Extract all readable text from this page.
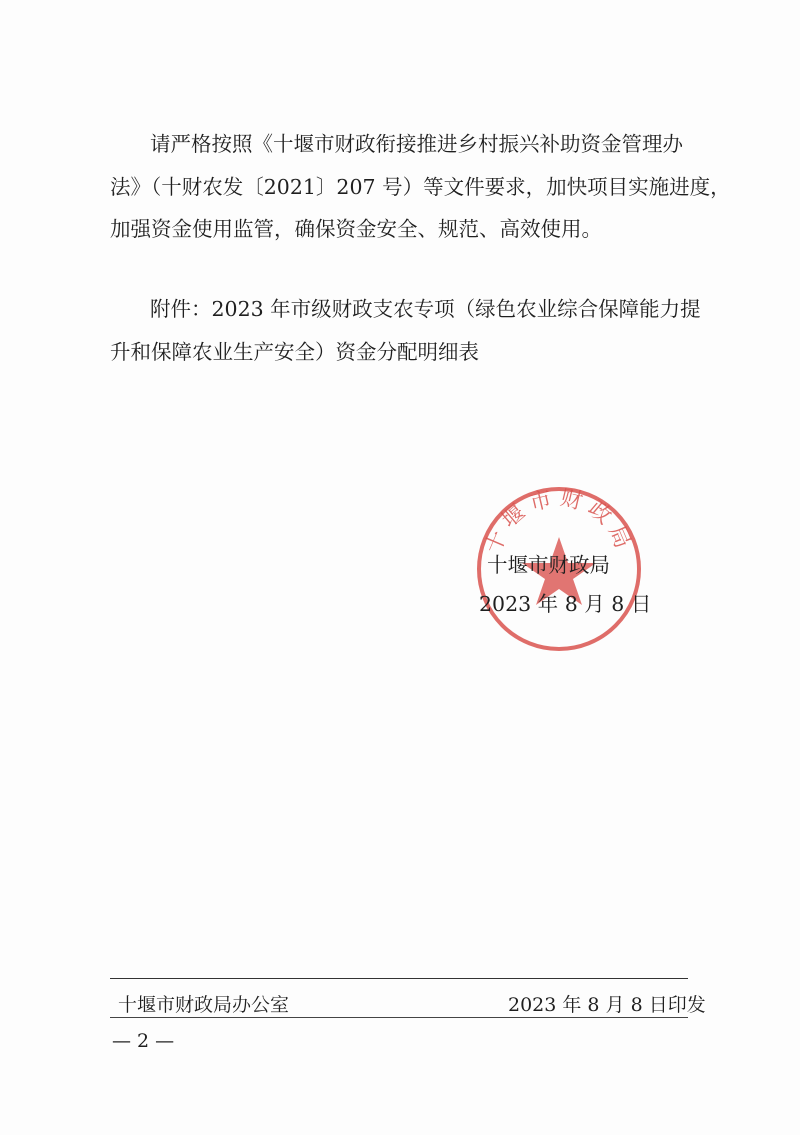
请严格按照《十堰市财政衔接推进乡村振兴补助资金管理办
法》（十财农发〔2021〕207 号）等文件要求，加快项目实施进度，
加强资金使用监管，确保资金安全、规范、高效使用。
附件：2023 年市级财政支农专项（绿色农业综合保障能力提
升和保障农业生产安全）资金分配明细表
十堰市财政局
十堰市财政局
2023 年 8 月 8 日
十堰市财政局办公室	2023 年 8 月 8 日印发
— 2 —
